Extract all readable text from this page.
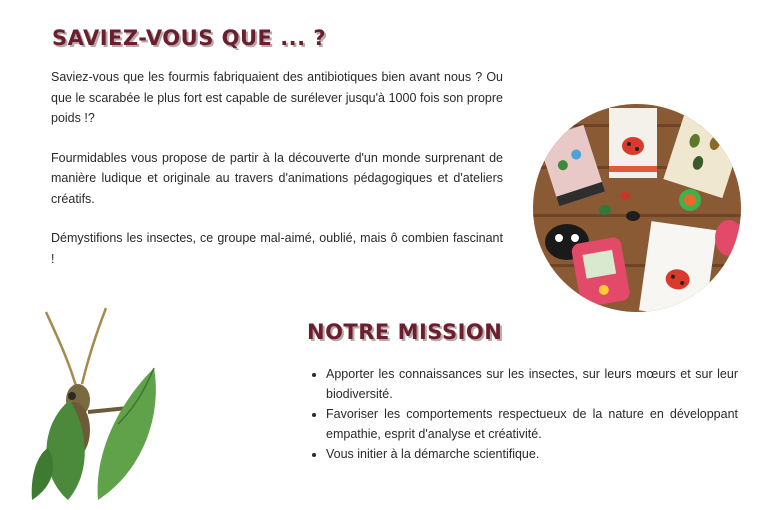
SAVIEZ-VOUS QUE ... ?

Saviez-vous que les fourmis fabriquaient des antibiotiques bien avant nous ? Ou que le scarabée le plus fort est capable de surélever jusqu'à 1000 fois son propre poids !?

Fourmidables vous propose de partir à la découverte d'un monde surprenant de manière ludique et originale au travers d'animations pédagogiques et d'ateliers créatifs.

Démystifions les insectes, ce groupe mal-aimé, oublié, mais ô combien fascinant !

NOTRE MISSION
• Apporter les connaissances sur les insectes, sur leurs mœurs et sur leur biodiversité.
• Favoriser les comportements respectueux de la nature en développant empathie, esprit d'analyse et créativité.
• Vous initier à la démarche scientifique.
